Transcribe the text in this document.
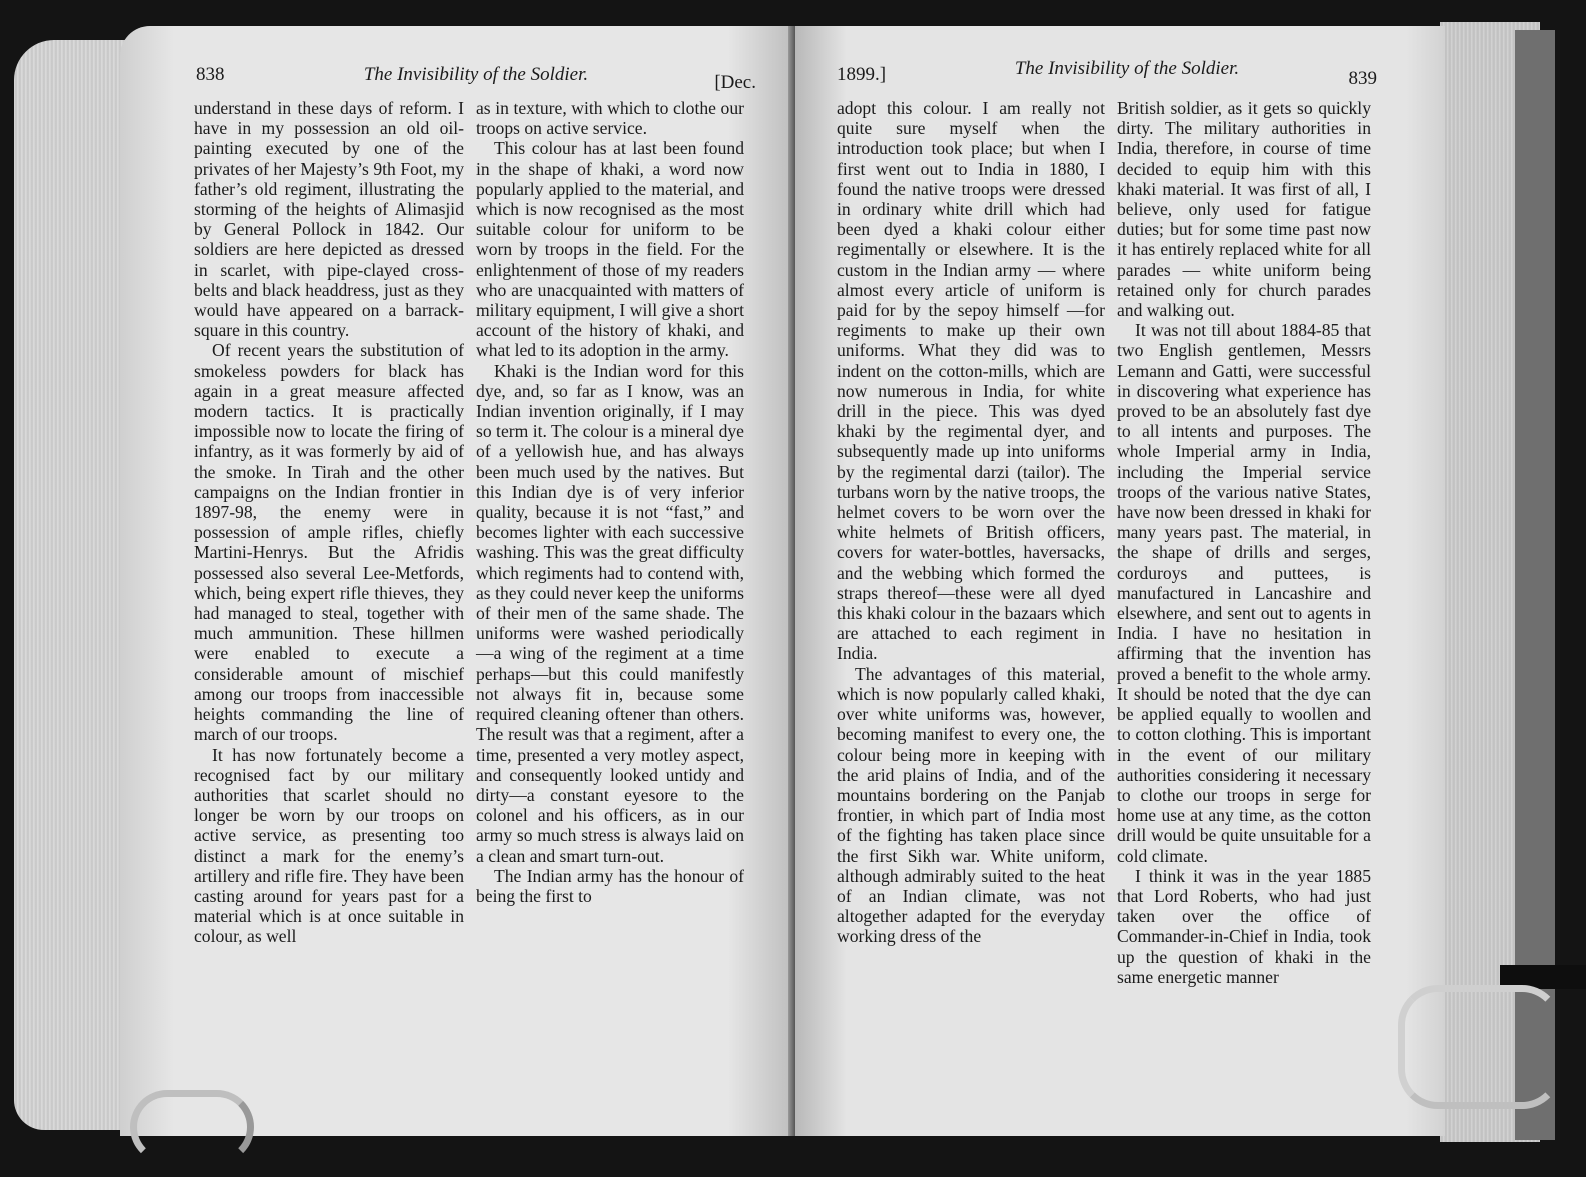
838	The Invisibility of the Soldier.	[Dec.

understand in these days of reform. I have in my possession an old oil-painting executed by one of the privates of her Majesty’s 9th Foot, my father’s old regiment, illustrating the storming of the heights of Alimasjid by General Pollock in 1842. Our soldiers are here depicted as dressed in scarlet, with pipe-clayed cross-belts and black headdress, just as they would have appeared on a barrack-square in this country.

Of recent years the substitution of smokeless powders for black has again in a great measure affected modern tactics. It is practically impossible now to locate the firing of infantry, as it was formerly by aid of the smoke. In Tirah and the other campaigns on the Indian frontier in 1897-98, the enemy were in possession of ample rifles, chiefly Martini-Henrys. But the Afridis possessed also several Lee-Metfords, which, being expert rifle thieves, they had managed to steal, together with much ammunition. These hillmen were enabled to execute a considerable amount of mischief among our troops from inaccessible heights commanding the line of march of our troops.

It has now fortunately become a recognised fact by our military authorities that scarlet should no longer be worn by our troops on active service, as presenting too distinct a mark for the enemy’s artillery and rifle fire. They have been casting around for years past for a material which is at once suitable in colour, as well

as in texture, with which to clothe our troops on active service.

This colour has at last been found in the shape of khaki, a word now popularly applied to the material, and which is now recognised as the most suitable colour for uniform to be worn by troops in the field. For the enlightenment of those of my readers who are unacquainted with matters of military equipment, I will give a short account of the history of khaki, and what led to its adoption in the army.

Khaki is the Indian word for this dye, and, so far as I know, was an Indian invention originally, if I may so term it. The colour is a mineral dye of a yellowish hue, and has always been much used by the natives. But this Indian dye is of very inferior quality, because it is not “fast,” and becomes lighter with each successive washing. This was the great difficulty which regiments had to contend with, as they could never keep the uniforms of their men of the same shade. The uniforms were washed periodically —a wing of the regiment at a time perhaps—but this could manifestly not always fit in, because some required cleaning oftener than others. The result was that a regiment, after a time, presented a very motley aspect, and consequently looked untidy and dirty—a constant eyesore to the colonel and his officers, as in our army so much stress is always laid on a clean and smart turn-out.

The Indian army has the honour of being the first to

1899.]	The Invisibility of the Soldier.	839

adopt this colour. I am really not quite sure myself when the introduction took place; but when I first went out to India in 1880, I found the native troops were dressed in ordinary white drill which had been dyed a khaki colour either regimentally or elsewhere. It is the custom in the Indian army — where almost every article of uniform is paid for by the sepoy himself —for regiments to make up their own uniforms. What they did was to indent on the cotton-mills, which are now numerous in India, for white drill in the piece. This was dyed khaki by the regimental dyer, and subsequently made up into uniforms by the regimental darzi (tailor). The turbans worn by the native troops, the helmet covers to be worn over the white helmets of British officers, covers for water-bottles, haversacks, and the webbing which formed the straps thereof—these were all dyed this khaki colour in the bazaars which are attached to each regiment in India.

The advantages of this material, which is now popularly called khaki, over white uniforms was, however, becoming manifest to every one, the colour being more in keeping with the arid plains of India, and of the mountains bordering on the Panjab frontier, in which part of India most of the fighting has taken place since the first Sikh war. White uniform, although admirably suited to the heat of an Indian climate, was not altogether adapted for the everyday working dress of the

British soldier, as it gets so quickly dirty. The military authorities in India, therefore, in course of time decided to equip him with this khaki material. It was first of all, I believe, only used for fatigue duties; but for some time past now it has entirely replaced white for all parades — white uniform being retained only for church parades and walking out.

It was not till about 1884-85 that two English gentlemen, Messrs Lemann and Gatti, were successful in discovering what experience has proved to be an absolutely fast dye to all intents and purposes. The whole Imperial army in India, including the Imperial service troops of the various native States, have now been dressed in khaki for many years past. The material, in the shape of drills and serges, corduroys and puttees, is manufactured in Lancashire and elsewhere, and sent out to agents in India. I have no hesitation in affirming that the invention has proved a benefit to the whole army. It should be noted that the dye can be applied equally to woollen and to cotton clothing. This is important in the event of our military authorities considering it necessary to clothe our troops in serge for home use at any time, as the cotton drill would be quite unsuitable for a cold climate.

I think it was in the year 1885 that Lord Roberts, who had just taken over the office of Commander-in-Chief in India, took up the question of khaki in the same energetic manner
